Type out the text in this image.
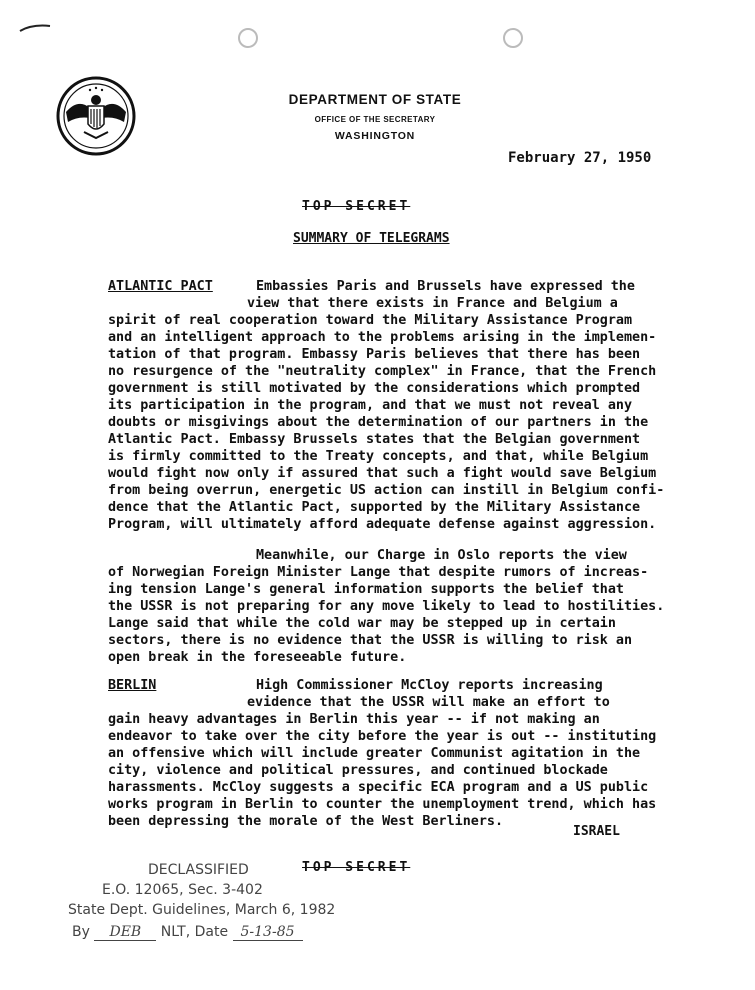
DEPARTMENT OF STATE
OFFICE OF THE SECRETARY
WASHINGTON
February 27, 1950
TOP SECRET
SUMMARY OF TELEGRAMS
ATLANTIC PACT	Embassies Paris and Brussels have expressed the
view that there exists in France and Belgium a
spirit of real cooperation toward the Military Assistance Program
and an intelligent approach to the problems arising in the implemen-
tation of that program. Embassy Paris believes that there has been
no resurgence of the "neutrality complex" in France, that the French
government is still motivated by the considerations which prompted
its participation in the program, and that we must not reveal any
doubts or misgivings about the determination of our partners in the
Atlantic Pact. Embassy Brussels states that the Belgian government
is firmly committed to the Treaty concepts, and that, while Belgium
would fight now only if assured that such a fight would save Belgium
from being overrun, energetic US action can instill in Belgium confi-
dence that the Atlantic Pact, supported by the Military Assistance
Program, will ultimately afford adequate defense against aggression.
Meanwhile, our Charge in Oslo reports the view
of Norwegian Foreign Minister Lange that despite rumors of increas-
ing tension Lange's general information supports the belief that
the USSR is not preparing for any move likely to lead to hostilities.
Lange said that while the cold war may be stepped up in certain
sectors, there is no evidence that the USSR is willing to risk an
open break in the foreseeable future.
BERLIN	High Commissioner McCloy reports increasing
evidence that the USSR will make an effort to
gain heavy advantages in Berlin this year -- if not making an
endeavor to take over the city before the year is out -- instituting
an offensive which will include greater Communist agitation in the
city, violence and political pressures, and continued blockade
harassments. McCloy suggests a specific ECA program and a US public
works program in Berlin to counter the unemployment trend, which has
been depressing the morale of the West Berliners.
ISRAEL
TOP SECRET
DECLASSIFIED
E.O. 12065, Sec. 3-402
State Dept. Guidelines, March 6, 1982
By DEB NLT, Date 5-13-85
